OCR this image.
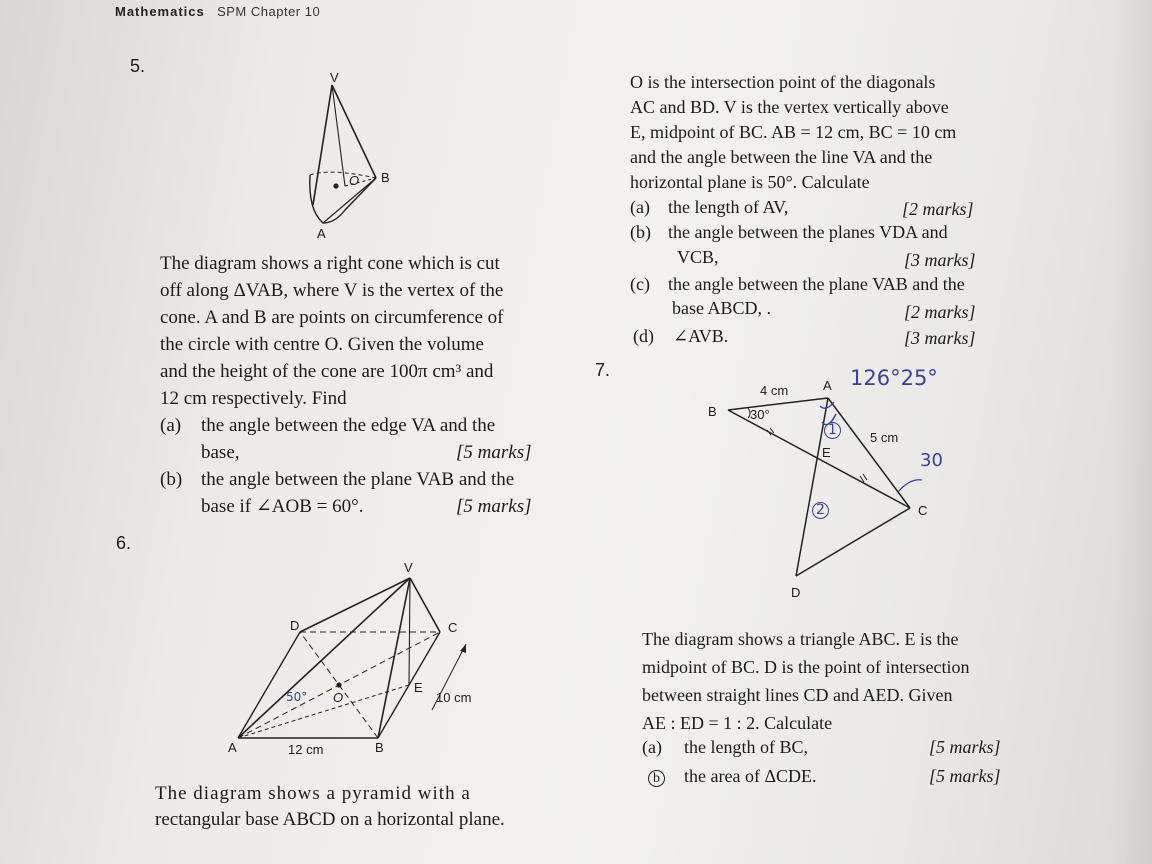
Mathematics SPM Chapter 10
5.
V
O B
A
The diagram shows a right cone which is cut
off along ΔVAB, where V is the vertex of the
cone. A and B are points on circumference of
the circle with centre O. Given the volume
and the height of the cone are 100π cm³ and
12 cm respectively. Find
(a) the angle between the edge VA and the
base,	[5 marks]
(b) the angle between the plane VAB and the
base if ∠AOB = 60°.	[5 marks]
6.
V
D	C
E
O	10 cm
50°
A	12 cm	B
The diagram shows a pyramid with a
rectangular base ABCD on a horizontal plane.
O is the intersection point of the diagonals
AC and BD. V is the vertex vertically above
E, midpoint of BC. AB = 12 cm, BC = 10 cm
and the angle between the line VA and the
horizontal plane is 50°. Calculate
(a) the length of AV,	[2 marks]
(b) the angle between the planes VDA and
VCB,	[3 marks]
(c) the angle between the plane VAB and the
base ABCD, .	[2 marks]
(d) ∠AVB.	[3 marks]
7.
4 cm	A
B	30°
5 cm
E
C
D
126°25°
30
1
2
The diagram shows a triangle ABC. E is the
midpoint of BC. D is the point of intersection
between straight lines CD and AED. Given
AE : ED = 1 : 2. Calculate
(a) the length of BC,	[5 marks]
b the area of ΔCDE.	[5 marks]
